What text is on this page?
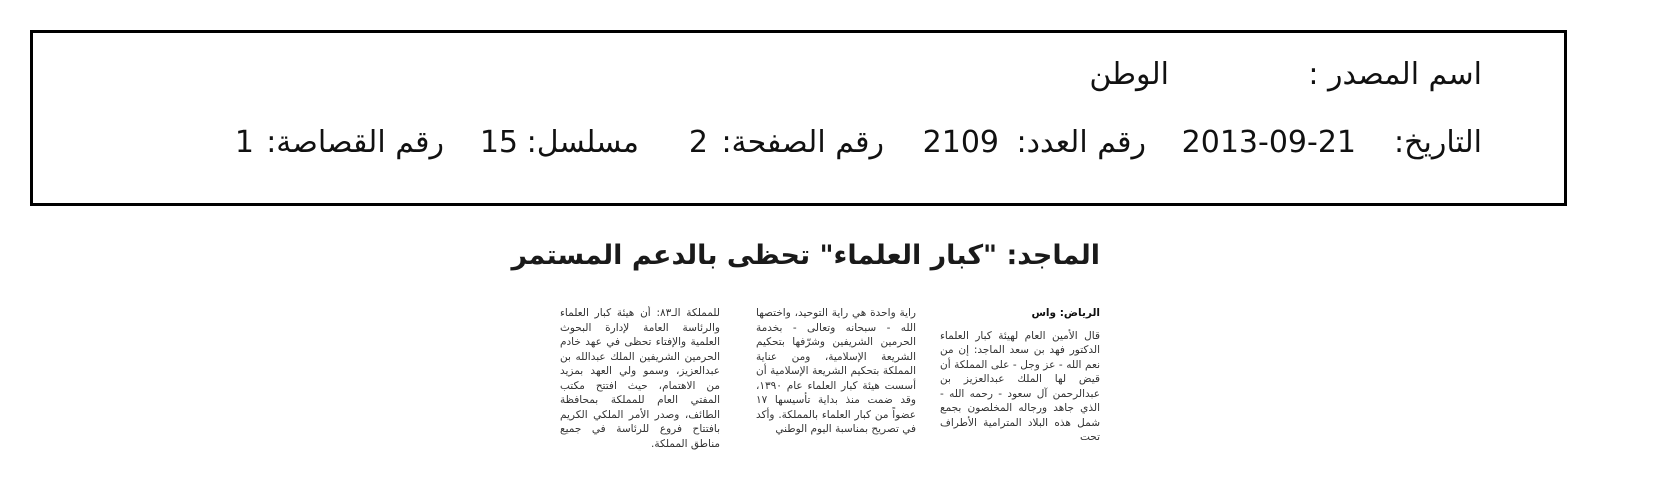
اسم المصدر :
الوطن
التاريخ:
2013-09-21
رقم العدد:
2109
رقم الصفحة:
2
مسلسل:
15
رقم القصاصة:
1
الماجد: "كبار العلماء" تحظى بالدعم المستمر
الرياض: واس
قال الأمين العام لهيئة كبار العلماء الدكتور فهد بن سعد الماجد: إن من نعم الله - عز وجل - على المملكة أن قيض لها الملك عبدالعزيز بن عبدالرحمن آل سعود - رحمه الله - الذي جاهد ورجاله المخلصون بجمع شمل هذه البلاد المترامية الأطراف تحت
راية واحدة هي راية التوحيد، واختصها الله - سبحانه وتعالى - بخدمة الحرمين الشريفين وشرّفها بتحكيم الشريعة الإسلامية، ومن عناية المملكة بتحكيم الشريعة الإسلامية أن أسست هيئة كبار العلماء عام ١٣٩٠، وقد ضمت منذ بداية تأسيسها ١٧ عضواً من كبار العلماء بالمملكة. وأكد في تصريح بمناسبة اليوم الوطني
للمملكة الـ٨٣: أن هيئة كبار العلماء والرئاسة العامة لإدارة البحوث العلمية والإفتاء تحظى في عهد خادم الحرمين الشريفين الملك عبدالله بن عبدالعزيز، وسمو ولي العهد بمزيد من الاهتمام، حيث افتتح مكتب المفتي العام للمملكة بمحافظة الطائف، وصدر الأمر الملكي الكريم بافتتاح فروع للرئاسة في جميع مناطق المملكة.
